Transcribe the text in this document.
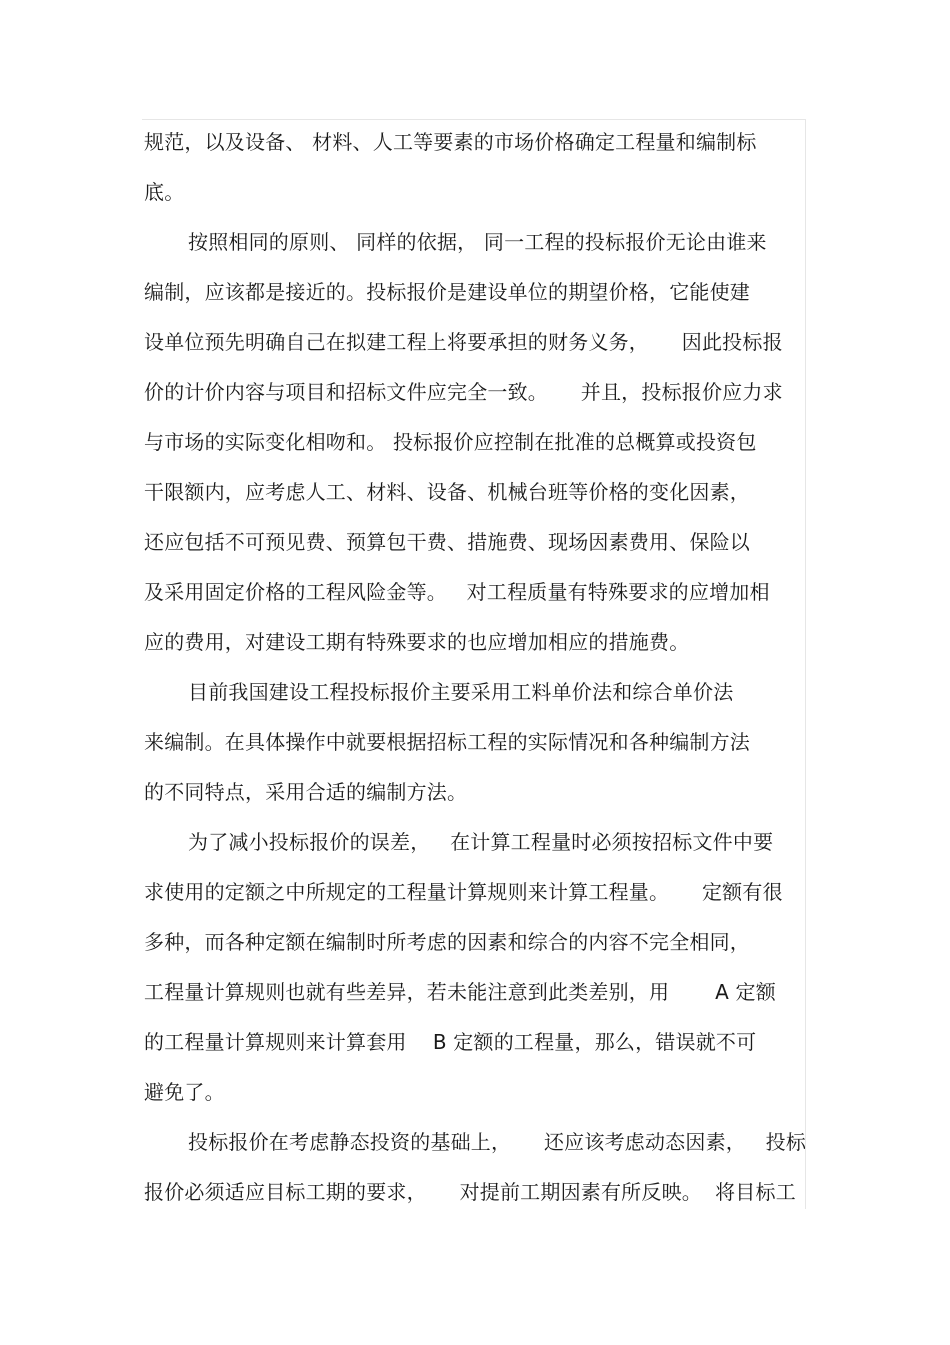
规范，以及设备、 材料、人工等要素的市场价格确定工程量和编制标
底。
按照相同的原则、 同样的依据， 同一工程的投标报价无论由谁来
编制，应该都是接近的。投标报价是建设单位的期望价格，它能使建
设单位预先明确自己在拟建工程上将要承担的财务义务，     因此投标报
价的计价内容与项目和招标文件应完全一致。     并且，投标报价应力求
与市场的实际变化相吻和。 投标报价应控制在批准的总概算或投资包
干限额内，应考虑人工、材料、设备、机械台班等价格的变化因素，
还应包括不可预见费、预算包干费、措施费、现场因素费用、保险以
及采用固定价格的工程风险金等。   对工程质量有特殊要求的应增加相
应的费用，对建设工期有特殊要求的也应增加相应的措施费。
目前我国建设工程投标报价主要采用工料单价法和综合单价法
来编制。在具体操作中就要根据招标工程的实际情况和各种编制方法
的不同特点，采用合适的编制方法。
为了减小投标报价的误差，   在计算工程量时必须按招标文件中要
求使用的定额之中所规定的工程量计算规则来计算工程量。     定额有很
多种，而各种定额在编制时所考虑的因素和综合的内容不完全相同，
工程量计算规则也就有些差异，若未能注意到此类差别，用       A 定额
的工程量计算规则来计算套用    B 定额的工程量，那么，错误就不可
避免了。
投标报价在考虑静态投资的基础上，     还应该考虑动态因素，   投标
报价必须适应目标工期的要求，     对提前工期因素有所反映。  将目标工
